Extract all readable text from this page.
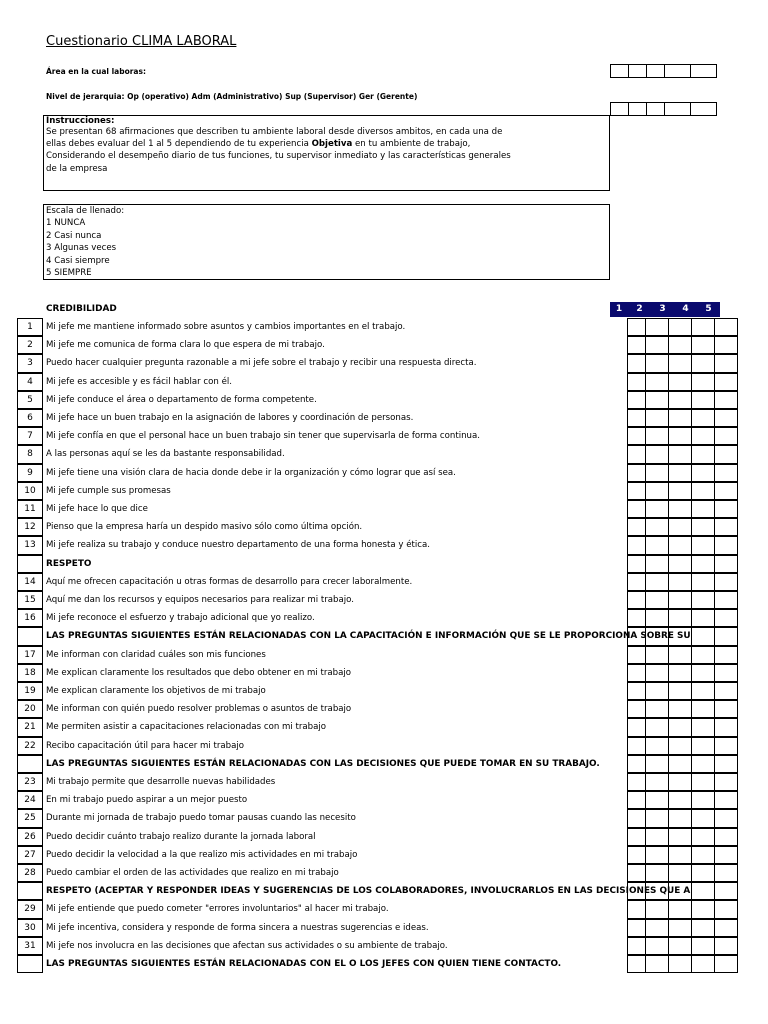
Cuestionario CLIMA LABORAL
Área en la cual laboras:
Nivel de jerarquia: Op (operativo) Adm (Administrativo) Sup (Supervisor) Ger (Gerente)
Instrucciones:
Se presentan 68 afirmaciones que describen tu ambiente laboral desde diversos ambitos, en cada una de
ellas debes evaluar del 1 al 5 dependiendo de tu experiencia Objetiva en tu ambiente de trabajo,
Considerando el desempeño diario de tus funciones, tu supervisor inmediato y las características generales
de la empresa
Escala de llenado:
1 NUNCA
2 Casi nunca
3 Algunas veces
4 Casi siempre
5 SIEMPRE
CREDIBILIDAD	1	2	3	4	5
1	Mi jefe me mantiene informado sobre asuntos y cambios importantes en el trabajo.
2	Mi jefe me comunica de forma clara lo que espera de mi trabajo.
3	Puedo hacer cualquier pregunta razonable a mi jefe sobre el trabajo y recibir una respuesta directa.
4	Mi jefe es accesible y es fácil hablar con él.
5	Mi jefe conduce el área o departamento de forma competente.
6	Mi jefe hace un buen trabajo en la asignación de labores y coordinación de personas.
7	Mi jefe confía en que el personal hace un buen trabajo sin tener que supervisarla de forma continua.
8	A las personas aquí se les da bastante responsabilidad.
9	Mi jefe tiene una visión clara de hacia donde debe ir la organización y cómo lograr que así sea.
10	Mi jefe cumple sus promesas
11	Mi jefe hace lo que dice
12	Pienso que la empresa haría un despido masivo sólo como última opción.
13	Mi jefe realiza su trabajo y conduce nuestro departamento de una forma honesta y ética.
RESPETO
14	Aquí me ofrecen capacitación u otras formas de desarrollo para crecer laboralmente.
15	Aquí me dan los recursos y equipos necesarios para realizar mi trabajo.
16	Mi jefe reconoce el esfuerzo y trabajo adicional que yo realizo.
LAS PREGUNTAS SIGUIENTES ESTÁN RELACIONADAS CON LA CAPACITACIÓN E INFORMACIÓN QUE SE LE PROPORCIONA SOBRE SU
17	Me informan con claridad cuáles son mis funciones
18	Me explican claramente los resultados que debo obtener en mi trabajo
19	Me explican claramente los objetivos de mi trabajo
20	Me informan con quién puedo resolver problemas o asuntos de trabajo
21	Me permiten asistir a capacitaciones relacionadas con mi trabajo
22	Recibo capacitación útil para hacer mi trabajo
LAS PREGUNTAS SIGUIENTES ESTÁN RELACIONADAS CON LAS DECISIONES QUE PUEDE TOMAR EN SU TRABAJO.
23	Mi trabajo permite que desarrolle nuevas habilidades
24	En mi trabajo puedo aspirar a un mejor puesto
25	Durante mi jornada de trabajo puedo tomar pausas cuando las necesito
26	Puedo decidir cuánto trabajo realizo durante la jornada laboral
27	Puedo decidir la velocidad a la que realizo mis actividades en mi trabajo
28	Puedo cambiar el orden de las actividades que realizo en mi trabajo
RESPETO (ACEPTAR Y RESPONDER IDEAS Y SUGERENCIAS DE LOS COLABORADORES, INVOLUCRARLOS EN LAS DECISIONES QUE A
29	Mi jefe entiende que puedo cometer "errores involuntarios" al hacer mi trabajo.
30	Mi jefe incentiva, considera y responde de forma sincera a nuestras sugerencias e ideas.
31	Mi jefe nos involucra en las decisiones que afectan sus actividades o su ambiente de trabajo.
LAS PREGUNTAS SIGUIENTES ESTÁN RELACIONADAS CON EL O LOS JEFES CON QUIEN TIENE CONTACTO.
